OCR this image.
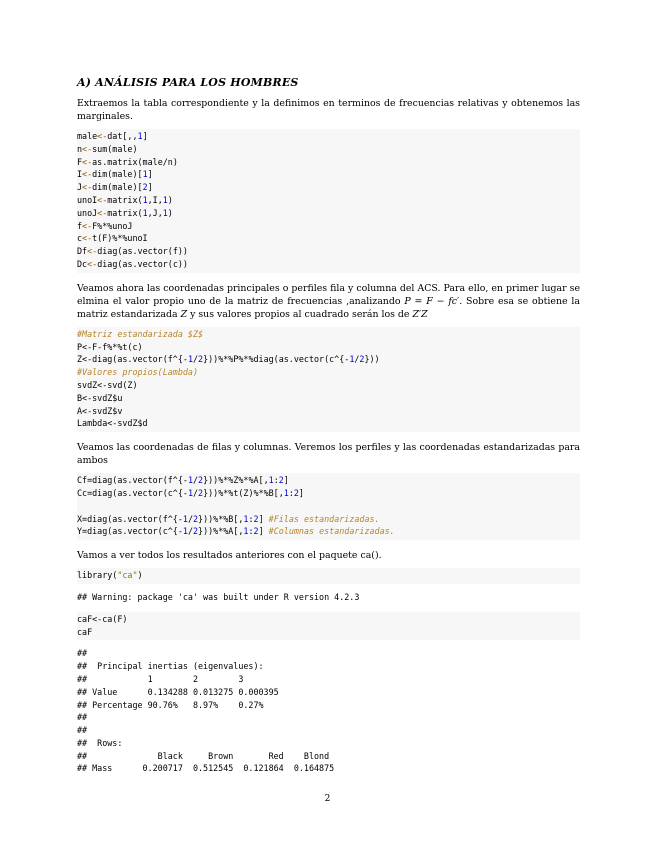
A) ANÁLISIS PARA LOS HOMBRES

Extraemos la tabla correspondiente y la definimos en terminos de frecuencias relativas y obtenemos las marginales.

male<-dat[,,1]
n<-sum(male)
F<-as.matrix(male/n)
I<-dim(male)[1]
J<-dim(male)[2]
unoI<-matrix(1,I,1)
unoJ<-matrix(1,J,1)
f<-F%*%unoJ
c<-t(F)%*%unoI
Df<-diag(as.vector(f))
Dc<-diag(as.vector(c))

Veamos ahora las coordenadas principales o perfiles fila y columna del ACS. Para ello, en primer lugar se elmina el valor propio uno de la matriz de frecuencias ,analizando P = F − fc′. Sobre esa se obtiene la matriz estandarizada Z y sus valores propios al cuadrado serán los de Z′Z

#Matriz estandarizada $Z$
P<-F-f%*%t(c)
Z<-diag(as.vector(f^{-1/2}))%*%P%*%diag(as.vector(c^{-1/2}))
#Valores propios(Lambda)
svdZ<-svd(Z)
B<-svdZ$u
A<-svdZ$v
Lambda<-svdZ$d

Veamos las coordenadas de filas y columnas. Veremos los perfiles y las coordenadas estandarizadas para ambos

Cf=diag(as.vector(f^{-1/2}))%*%Z%*%A[,1:2]
Cc=diag(as.vector(c^{-1/2}))%*%t(Z)%*%B[,1:2]

X=diag(as.vector(f^{-1/2}))%*%B[,1:2] #Filas estandarizadas.
Y=diag(as.vector(c^{-1/2}))%*%A[,1:2] #Columnas estandarizadas.

Vamos a ver todos los resultados anteriores con el paquete ca().

library("ca")
## Warning: package 'ca' was built under R version 4.2.3
caF<-ca(F)
caF
##
##  Principal inertias (eigenvalues):
##            1        2        3
## Value      0.134288 0.013275 0.000395
## Percentage 90.76%   8.97%    0.27%
##
##
##  Rows:
##              Black     Brown       Red    Blond
## Mass      0.200717  0.512545  0.121864  0.164875
2
